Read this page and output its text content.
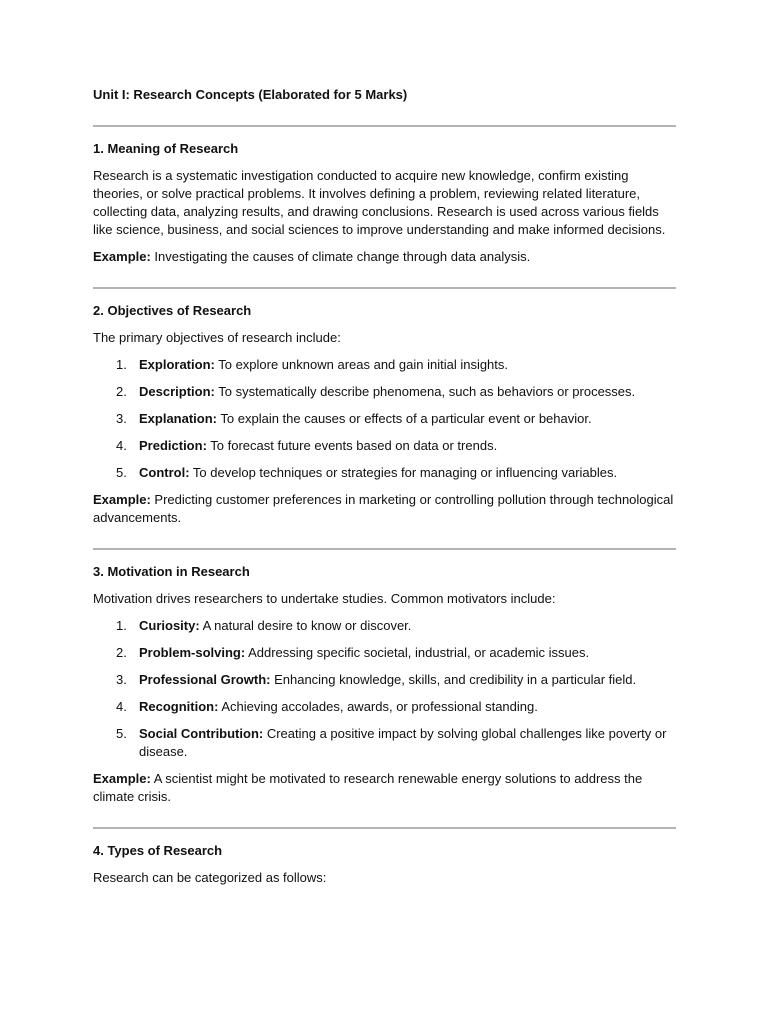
Unit I: Research Concepts (Elaborated for 5 Marks)

1. Meaning of Research

Research is a systematic investigation conducted to acquire new knowledge, confirm existing theories, or solve practical problems. It involves defining a problem, reviewing related literature, collecting data, analyzing results, and drawing conclusions. Research is used across various fields like science, business, and social sciences to improve understanding and make informed decisions.

Example: Investigating the causes of climate change through data analysis.

2. Objectives of Research

The primary objectives of research include:

1. Exploration: To explore unknown areas and gain initial insights.
2. Description: To systematically describe phenomena, such as behaviors or processes.
3. Explanation: To explain the causes or effects of a particular event or behavior.
4. Prediction: To forecast future events based on data or trends.
5. Control: To develop techniques or strategies for managing or influencing variables.

Example: Predicting customer preferences in marketing or controlling pollution through technological advancements.

3. Motivation in Research

Motivation drives researchers to undertake studies. Common motivators include:

1. Curiosity: A natural desire to know or discover.
2. Problem-solving: Addressing specific societal, industrial, or academic issues.
3. Professional Growth: Enhancing knowledge, skills, and credibility in a particular field.
4. Recognition: Achieving accolades, awards, or professional standing.
5. Social Contribution: Creating a positive impact by solving global challenges like poverty or disease.

Example: A scientist might be motivated to research renewable energy solutions to address the climate crisis.

4. Types of Research

Research can be categorized as follows:
